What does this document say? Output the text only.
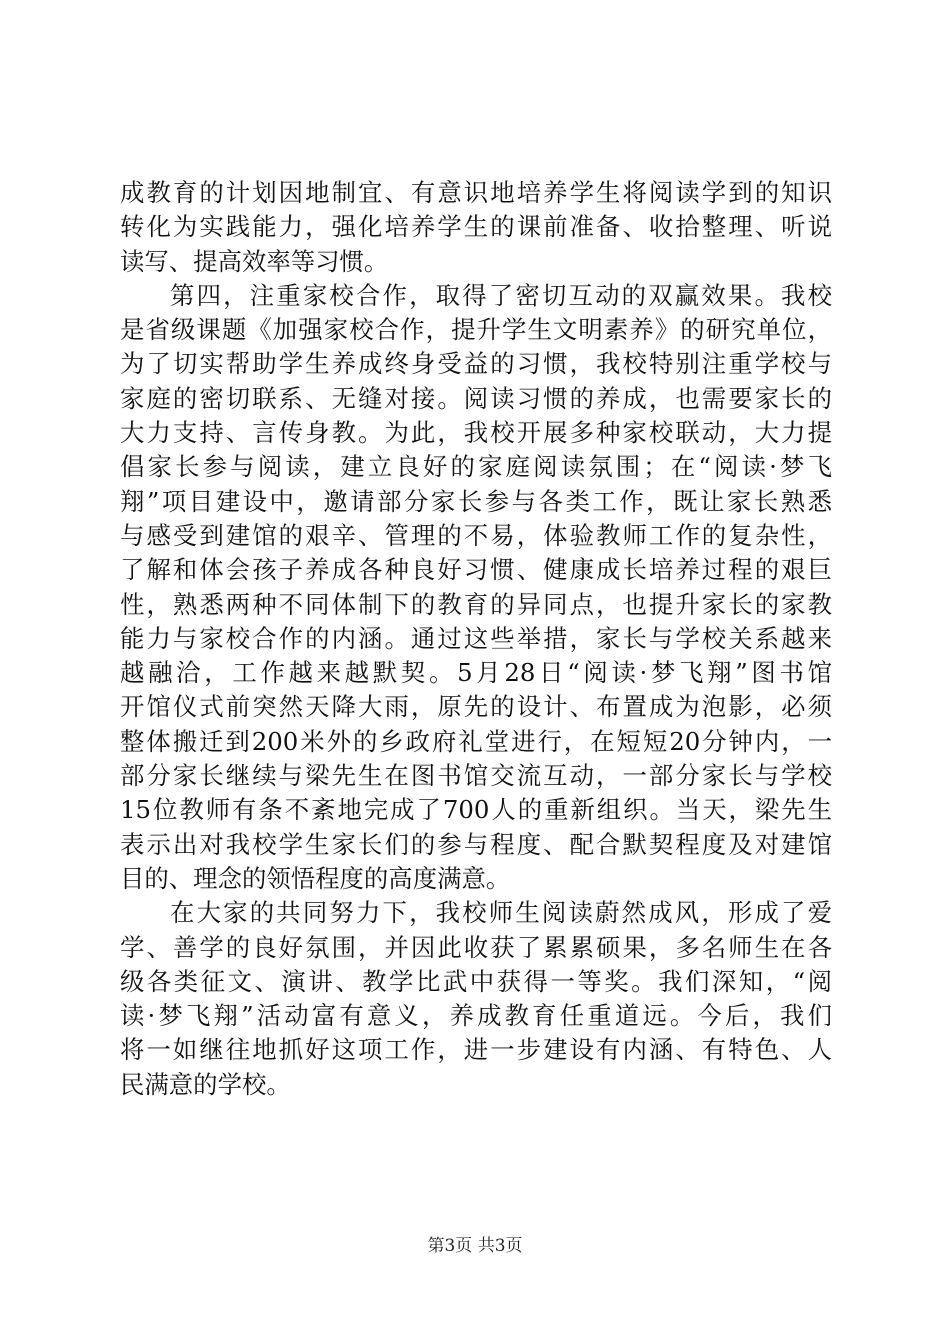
成教育的计划因地制宜、有意识地培养学生将阅读学到的知识
转化为实践能力，强化培养学生的课前准备、收拾整理、听说
读写、提高效率等习惯。
第四，注重家校合作，取得了密切互动的双赢效果。我校
是省级课题《加强家校合作，提升学生文明素养》的研究单位，
为了切实帮助学生养成终身受益的习惯，我校特别注重学校与
家庭的密切联系、无缝对接。阅读习惯的养成，也需要家长的
大力支持、言传身教。为此，我校开展多种家校联动，大力提
倡家长参与阅读，建立良好的家庭阅读氛围；在“阅读·梦飞
翔”项目建设中，邀请部分家长参与各类工作，既让家长熟悉
与感受到建馆的艰辛、管理的不易，体验教师工作的复杂性，
了解和体会孩子养成各种良好习惯、健康成长培养过程的艰巨
性，熟悉两种不同体制下的教育的异同点，也提升家长的家教
能力与家校合作的内涵。通过这些举措，家长与学校关系越来
越融洽，工作越来越默契。5月28日“阅读·梦飞翔”图书馆
开馆仪式前突然天降大雨，原先的设计、布置成为泡影，必须
整体搬迁到200米外的乡政府礼堂进行，在短短20分钟内，一
部分家长继续与梁先生在图书馆交流互动，一部分家长与学校
15位教师有条不紊地完成了700人的重新组织。当天，梁先生
表示出对我校学生家长们的参与程度、配合默契程度及对建馆
目的、理念的领悟程度的高度满意。
在大家的共同努力下，我校师生阅读蔚然成风，形成了爱
学、善学的良好氛围，并因此收获了累累硕果，多名师生在各
级各类征文、演讲、教学比武中获得一等奖。我们深知，“阅
读·梦飞翔”活动富有意义，养成教育任重道远。今后，我们
将一如继往地抓好这项工作，进一步建设有内涵、有特色、人
民满意的学校。
第3页 共3页
